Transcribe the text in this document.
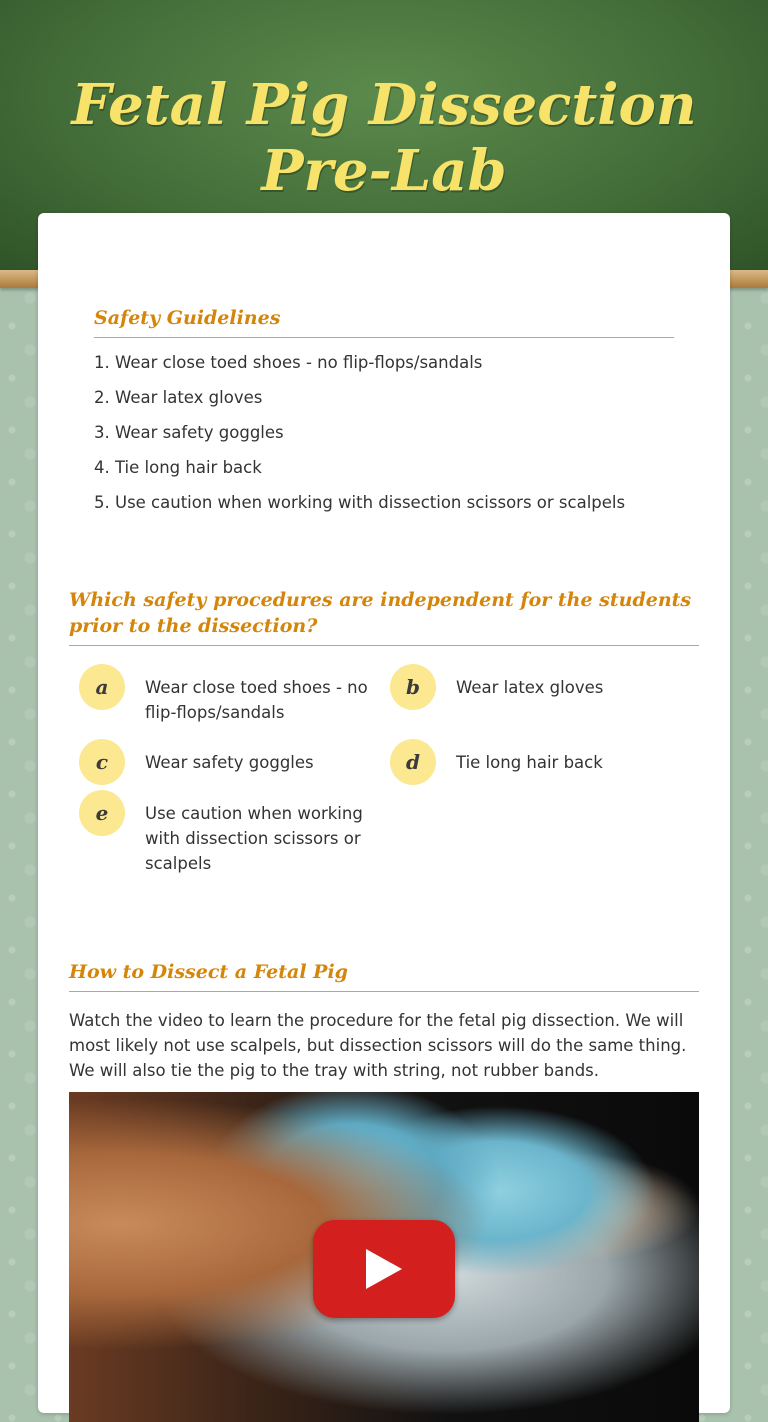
Fetal Pig Dissection Pre-Lab
Safety Guidelines
1. Wear close toed shoes - no flip-flops/sandals
2. Wear latex gloves
3. Wear safety goggles
4. Tie long hair back
5. Use caution when working with dissection scissors or scalpels
Which safety procedures are independent for the students prior to the dissection?
a	Wear close toed shoes - no flip-flops/sandals
b	Wear latex gloves
c	Wear safety goggles	d	Tie long hair back
e	Use caution when working with dissection scissors or scalpels
How to Dissect a Fetal Pig

Watch the video to learn the procedure for the fetal pig dissection. We will most likely not use scalpels, but dissection scissors will do the same thing. We will also tie the pig to the tray with string, not rubber bands.
